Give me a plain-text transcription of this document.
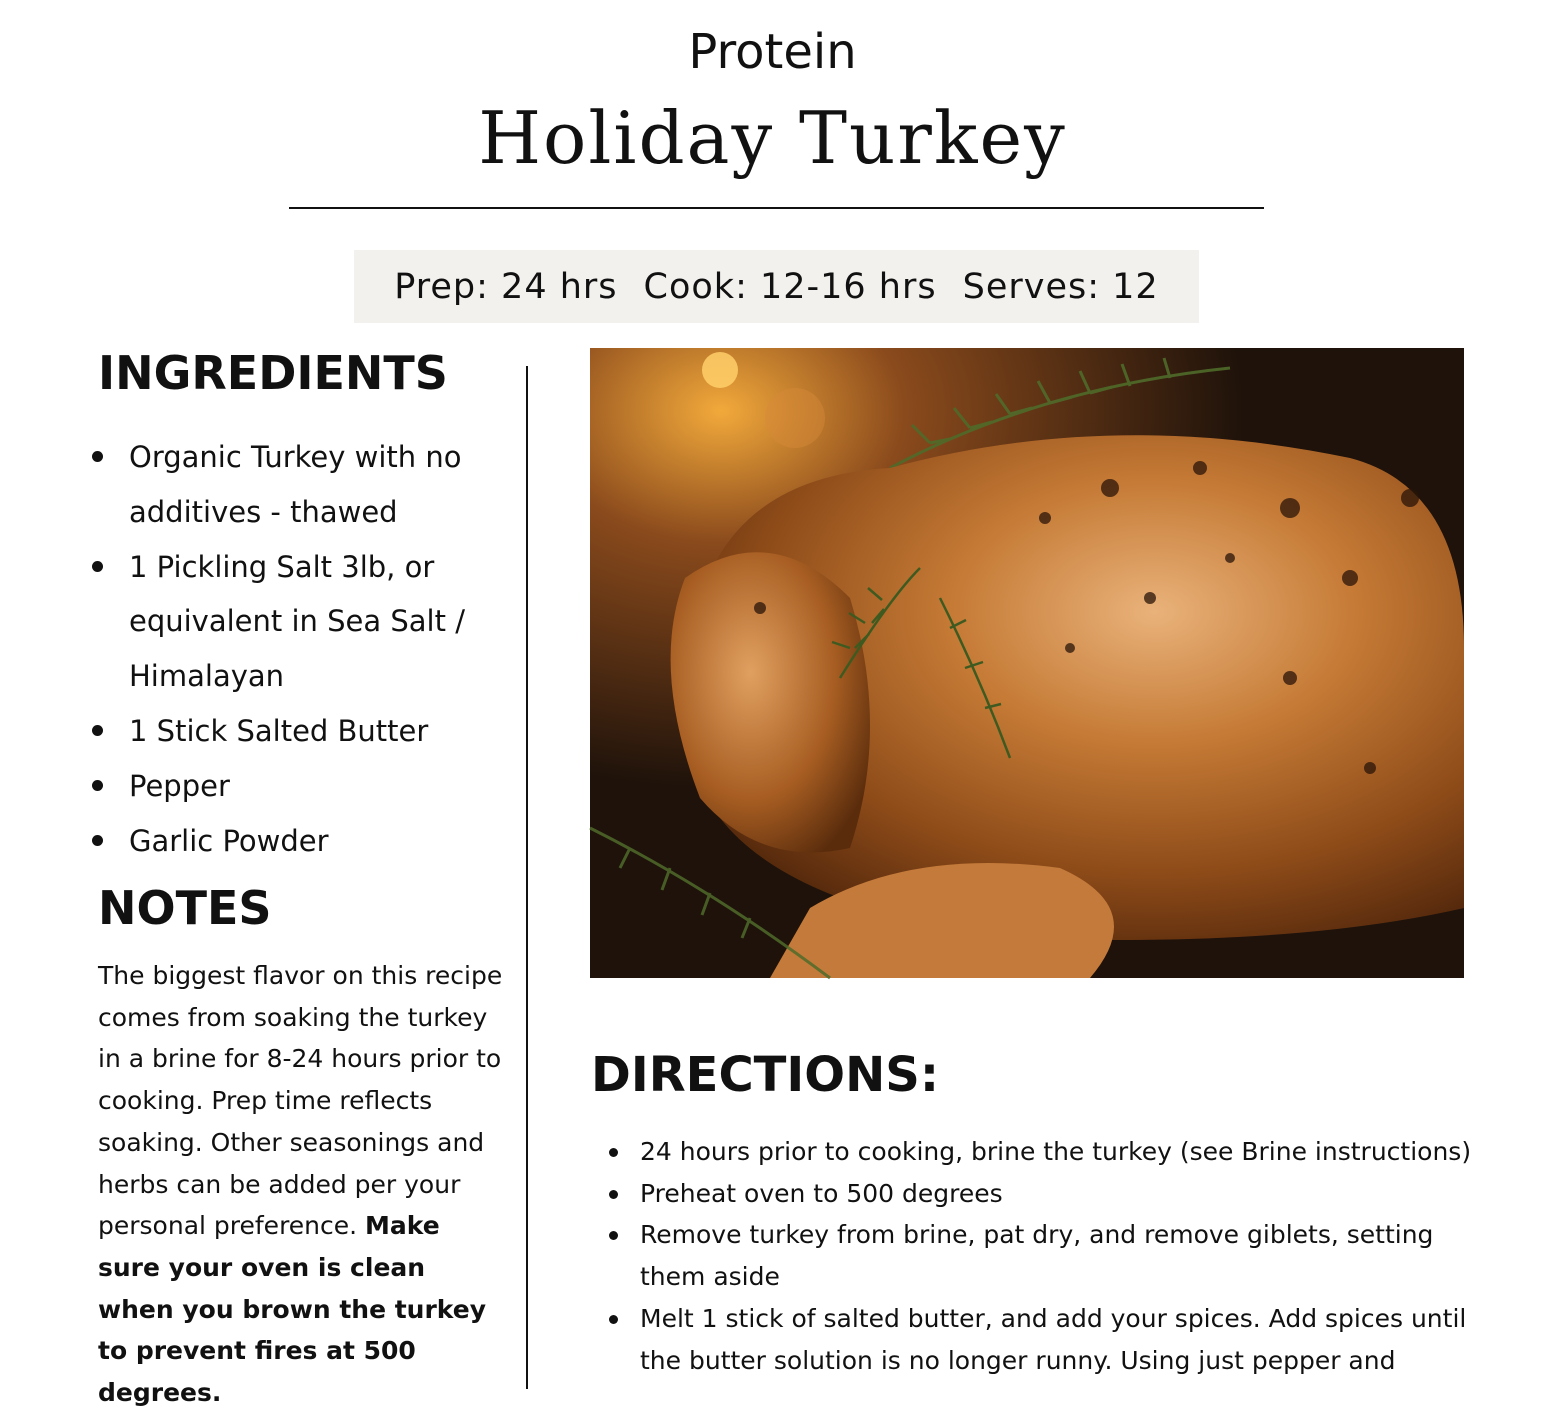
Protein
Holiday Turkey
Prep: 24 hrs Cook: 12-16 hrs Serves: 12
INGREDIENTS
Organic Turkey with no additives - thawed
1 Pickling Salt 3lb, or equivalent in Sea Salt / Himalayan
1 Stick Salted Butter
Pepper
Garlic Powder
NOTES

The biggest flavor on this recipe comes from soaking the turkey in a brine for 8-24 hours prior to cooking. Prep time reflects soaking. Other seasonings and herbs can be added per your personal preference. Make sure your oven is clean when you brown the turkey to prevent fires at 500 degrees.

DIRECTIONS:
24 hours prior to cooking, brine the turkey (see Brine instructions)
Preheat oven to 500 degrees
Remove turkey from brine, pat dry, and remove giblets, setting them aside
Melt 1 stick of salted butter, and add your spices. Add spices until the butter solution is no longer runny. Using just pepper and
